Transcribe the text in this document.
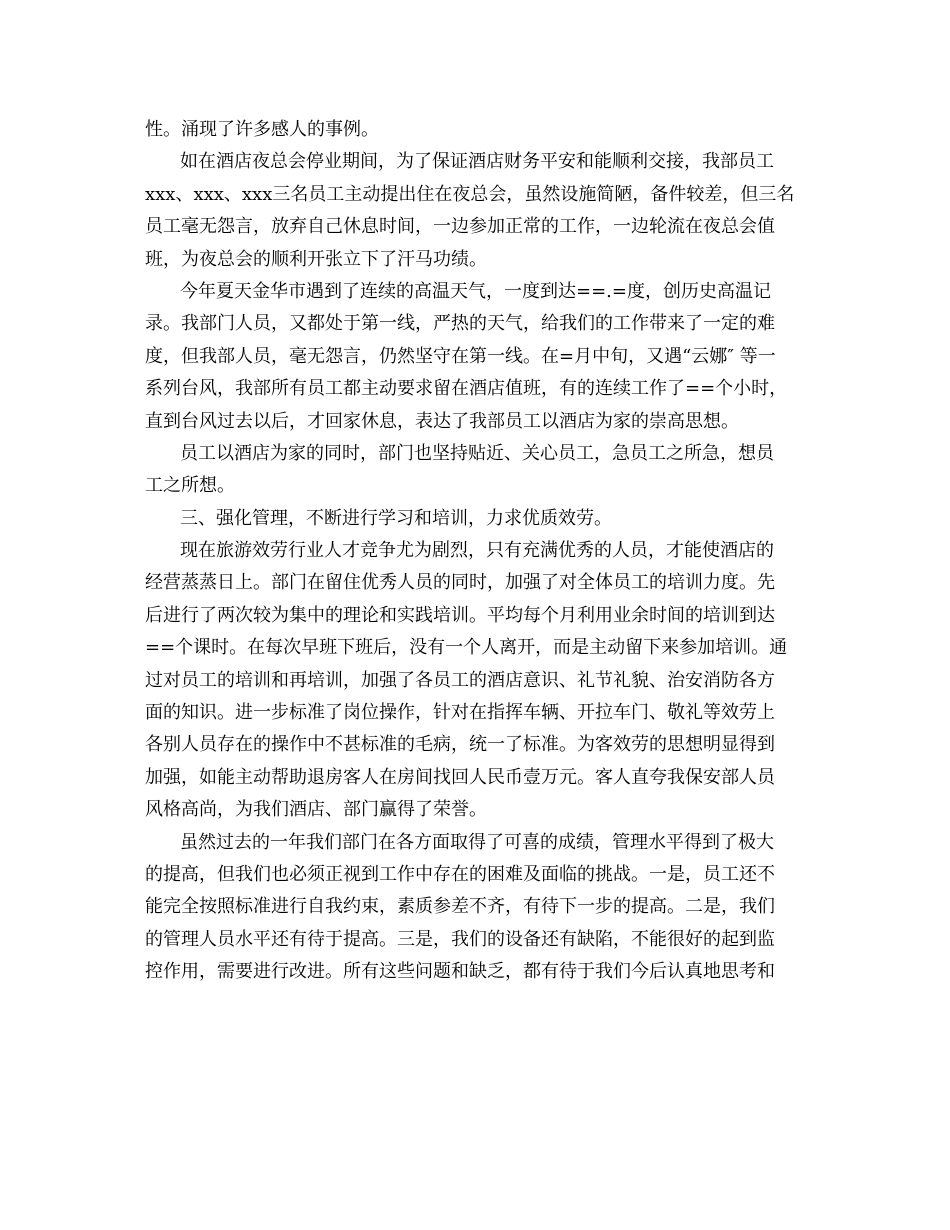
性。涌现了许多感人的事例。
如在酒店夜总会停业期间，为了保证酒店财务平安和能顺利交接，我部员工
xxx、xxx、xxx三名员工主动提出住在夜总会，虽然设施简陋，备件较差，但三名
员工毫无怨言，放弃自己休息时间，一边参加正常的工作，一边轮流在夜总会值
班，为夜总会的顺利开张立下了汗马功绩。
今年夏天金华市遇到了连续的高温天气，一度到达==.=度，创历史高温记
录。我部门人员，又都处于第一线，严热的天气，给我们的工作带来了一定的难
度，但我部人员，毫无怨言，仍然坚守在第一线。在=月中旬，又遇“云娜″ 等一
系列台风，我部所有员工都主动要求留在酒店值班，有的连续工作了==个小时，
直到台风过去以后，才回家休息，表达了我部员工以酒店为家的崇高思想。
员工以酒店为家的同时，部门也坚持贴近、关心员工，急员工之所急，想员
工之所想。
三、强化管理，不断进行学习和培训，力求优质效劳。
现在旅游效劳行业人才竞争尤为剧烈，只有充满优秀的人员，才能使酒店的
经营蒸蒸日上。部门在留住优秀人员的同时，加强了对全体员工的培训力度。先
后进行了两次较为集中的理论和实践培训。平均每个月利用业余时间的培训到达
==个课时。在每次早班下班后，没有一个人离开，而是主动留下来参加培训。通
过对员工的培训和再培训，加强了各员工的酒店意识、礼节礼貌、治安消防各方
面的知识。进一步标准了岗位操作，针对在指挥车辆、开拉车门、敬礼等效劳上
各别人员存在的操作中不甚标准的毛病，统一了标准。为客效劳的思想明显得到
加强，如能主动帮助退房客人在房间找回人民币壹万元。客人直夸我保安部人员
风格高尚，为我们酒店、部门赢得了荣誉。
虽然过去的一年我们部门在各方面取得了可喜的成绩，管理水平得到了极大
的提高，但我们也必须正视到工作中存在的困难及面临的挑战。一是，员工还不
能完全按照标准进行自我约束，素质参差不齐，有待下一步的提高。二是，我们
的管理人员水平还有待于提高。三是，我们的设备还有缺陷，不能很好的起到监
控作用，需要进行改进。所有这些问题和缺乏，都有待于我们今后认真地思考和
